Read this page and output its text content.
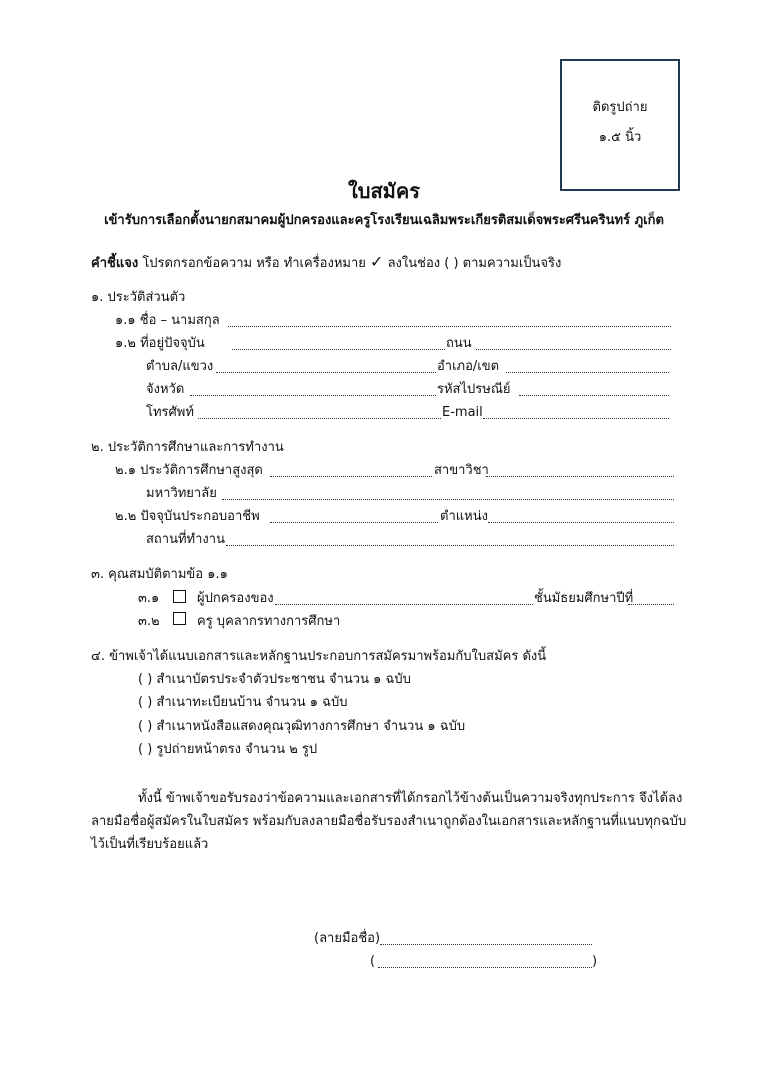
ติดรูปถ่าย
๑.๕ นิ้ว
ใบสมัคร
เข้ารับการเลือกตั้งนายกสมาคมผู้ปกครองและครูโรงเรียนเฉลิมพระเกียรติสมเด็จพระศรีนครินทร์ ภูเก็ต
คำชี้แจง โปรดกรอกข้อความ หรือ ทำเครื่องหมาย ✓ ลงในช่อง ( ) ตามความเป็นจริง
๑. ประวัติส่วนตัว
๑.๑ ชื่อ – นามสกุล
๑.๒ ที่อยู่ปัจจุบัน	ถนน
ตำบล/แขวง	อำเภอ/เขต
จังหวัด	รหัสไปรษณีย์
โทรศัพท์	E-mail
๒. ประวัติการศึกษาและการทำงาน
๒.๑ ประวัติการศึกษาสูงสุด	สาขาวิชา
มหาวิทยาลัย
๒.๒ ปัจจุบันประกอบอาชีพ	ตำแหน่ง
สถานที่ทำงาน
๓. คุณสมบัติตามข้อ ๑.๑
๓.๑	ผู้ปกครองของ	ชั้นมัธยมศึกษาปีที่
๓.๒	ครู บุคลากรทางการศึกษา
๔. ข้าพเจ้าได้แนบเอกสารและหลักฐานประกอบการสมัครมาพร้อมกับใบสมัคร ดังนี้
( ) สำเนาบัตรประจำตัวประชาชน จำนวน ๑ ฉบับ
( ) สำเนาทะเบียนบ้าน จำนวน ๑ ฉบับ
( ) สำเนาหนังสือแสดงคุณวุฒิทางการศึกษา จำนวน ๑ ฉบับ
( ) รูปถ่ายหน้าตรง จำนวน ๒ รูป
ทั้งนี้ ข้าพเจ้าขอรับรองว่าข้อความและเอกสารที่ได้กรอกไว้ข้างต้นเป็นความจริงทุกประการ จึงได้ลง
ลายมือชื่อผู้สมัครในใบสมัคร พร้อมกับลงลายมือชื่อรับรองสำเนาถูกต้องในเอกสารและหลักฐานที่แนบทุกฉบับ
ไว้เป็นที่เรียบร้อยแล้ว
(ลายมือชื่อ)
(	)
